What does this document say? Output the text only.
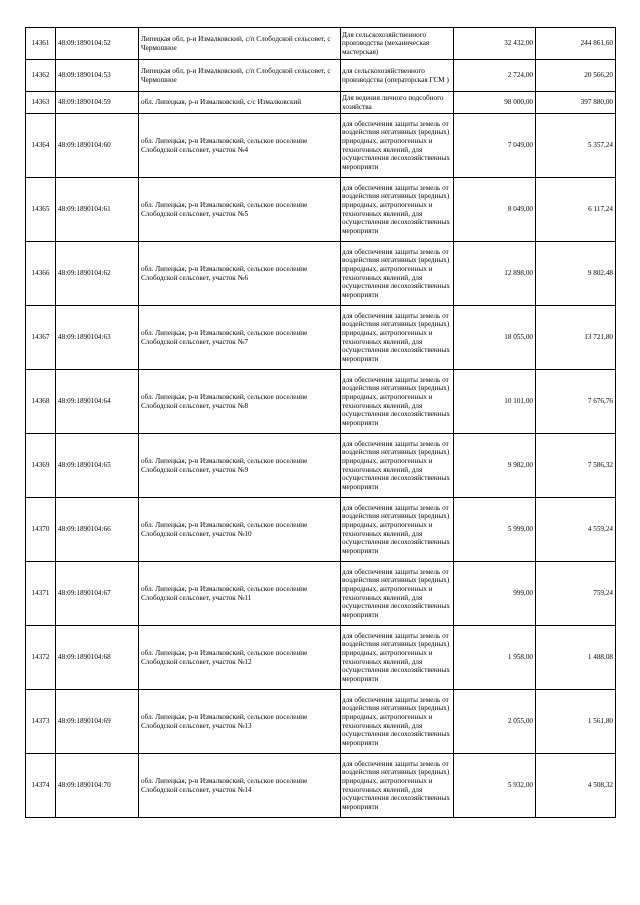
14361	48:09:1890104:52	Липецкая обл, р-н Измалковский, с/п Слободской сельсовет, с Чермошное	Для сельскохозяйственного производства (механическая мастерская)	32 432,00	244 861,60
14362	48:09:1890104:53	Липецкая обл, р-н Измалковский, с/п Слободской сельсовет, с Чермошное	для сельскохозяйственного производства (операторская ГСМ )	2 724,00	20 566,20
14363	48:09:1890104:59	обл. Липецкая, р-н Измалковский, с/с Измалковский	Для ведения личного подсобного хозяйства	98 000,00	397 880,00
14364	48:09:1890104:60	обл. Липецкая, р-н Измалковский, сельское поселение Слободской сельсовет, участок №4	для обеспечения защиты земель от воздействия негативных (вредных) природных, антропогенных и техногенных явлений, для осуществления лесохозяйственных мероприяти	7 049,00	5 357,24
14365	48:09:1890104:61	обл. Липецкая, р-н Измалковский, сельское поселение Слободской сельсовет, участок №5	для обеспечения защиты земель от воздействия негативных (вредных) природных, антропогенных и техногенных явлений, для осуществления лесохозяйственных мероприяти	8 049,00	6 117,24
14366	48:09:1890104:62	обл. Липецкая, р-н Измалковский, сельское поселение Слободской сельсовет, участок №6	для обеспечения защиты земель от воздействия негативных (вредных) природных, антропогенных и техногенных явлений, для осуществления лесохозяйственных мероприяти	12 898,00	9 802,48
14367	48:09:1890104:63	обл. Липецкая, р-н Измалковский, сельское поселение Слободской сельсовет, участок №7	для обеспечения защиты земель от воздействия негативных (вредных) природных, антропогенных и техногенных явлений, для осуществления лесохозяйственных мероприяти	18 055,00	13 721,80
14368	48:09:1890104:64	обл. Липецкая, р-н Измалковский, сельское поселение Слободской сельсовет, участок №8	для обеспечения защиты земель от воздействия негативных (вредных) природных, антропогенных и техногенных явлений, для осуществления лесохозяйственных мероприяти	10 101,00	7 676,76
14369	48:09:1890104:65	обл. Липецкая, р-н Измалковский, сельское поселение Слободской сельсовет, участок №9	для обеспечения защиты земель от воздействия негативных (вредных) природных, антропогенных и техногенных явлений, для осуществления лесохозяйственных мероприяти	9 982,00	7 586,32
14370	48:09:1890104:66	обл. Липецкая, р-н Измалковский, сельское поселение Слободской сельсовет, участок №10	для обеспечения защиты земель от воздействия негативных (вредных) природных, антропогенных и техногенных явлений, для осуществления лесохозяйственных мероприяти	5 999,00	4 559,24
14371	48:09:1890104:67	обл. Липецкая, р-н Измалковский, сельское поселение Слободской сельсовет, участок №11	для обеспечения защиты земель от воздействия негативных (вредных) природных, антропогенных и техногенных явлений, для осуществления лесохозяйственных мероприяти	999,00	759,24
14372	48:09:1890104:68	обл. Липецкая, р-н Измалковский, сельское поселение Слободской сельсовет, участок №12	для обеспечения защиты земель от воздействия негативных (вредных) природных, антропогенных и техногенных явлений, для осуществления лесохозяйственных мероприяти	1 958,00	1 488,08
14373	48:09:1890104:69	обл. Липецкая, р-н Измалковский, сельское поселение Слободской сельсовет, участок №13	для обеспечения защиты земель от воздействия негативных (вредных) природных, антропогенных и техногенных явлений, для осуществления лесохозяйственных мероприяти	2 055,00	1 561,80
14374	48:09:1890104:70	обл. Липецкая, р-н Измалковский, сельское поселение Слободской сельсовет, участок №14	для обеспечения защиты земель от воздействия негативных (вредных) природных, антропогенных и техногенных явлений, для осуществления лесохозяйственных мероприяти	5 932,00	4 508,32
